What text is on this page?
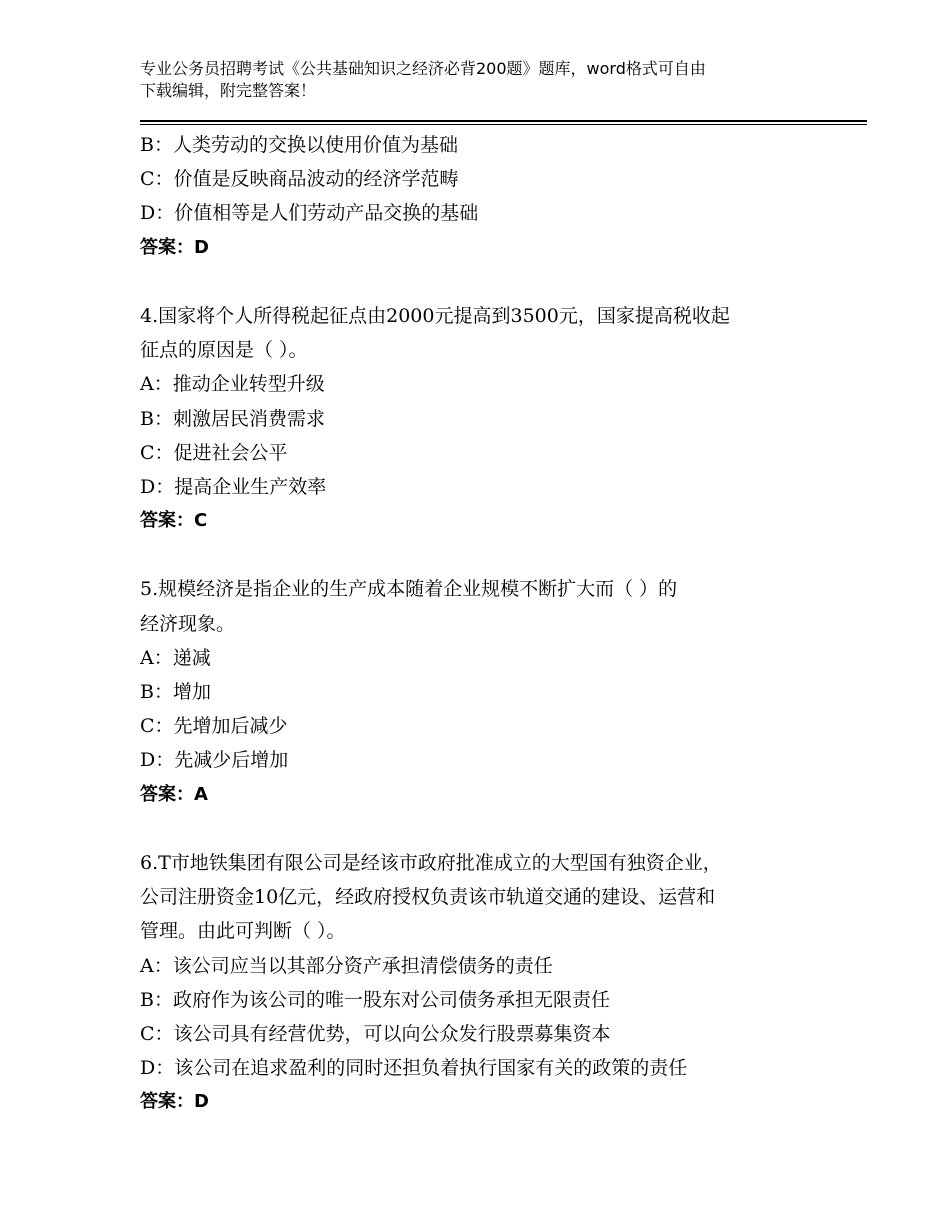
专业公务员招聘考试《公共基础知识之经济必背200题》题库，word格式可自由
下载编辑，附完整答案！
B：人类劳动的交换以使用价值为基础
C：价值是反映商品波动的经济学范畴
D：价值相等是人们劳动产品交换的基础
答案：D
4.国家将个人所得税起征点由2000元提高到3500元，国家提高税收起
征点的原因是（ ）。
A：推动企业转型升级
B：刺激居民消费需求
C：促进社会公平
D：提高企业生产效率
答案：C
5.规模经济是指企业的生产成本随着企业规模不断扩大而（ ）的
经济现象。
A：递减
B：增加
C：先增加后减少
D：先减少后增加
答案：A
6.T市地铁集团有限公司是经该市政府批准成立的大型国有独资企业，
公司注册资金10亿元，经政府授权负责该市轨道交通的建设、运营和
管理。由此可判断（ ）。
A：该公司应当以其部分资产承担清偿债务的责任
B：政府作为该公司的唯一股东对公司债务承担无限责任
C：该公司具有经营优势，可以向公众发行股票募集资本
D：该公司在追求盈利的同时还担负着执行国家有关的政策的责任
答案：D
